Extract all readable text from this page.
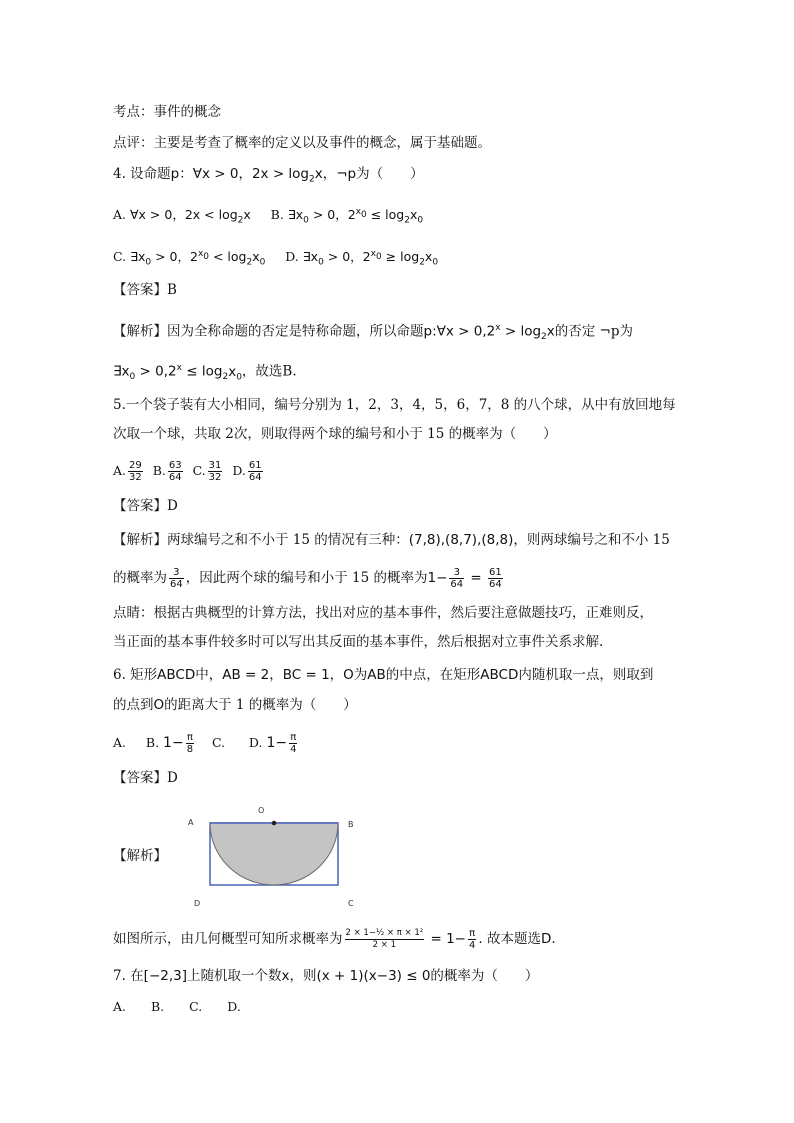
考点：事件的概念
点评：主要是考查了概率的定义以及事件的概念，属于基础题。
4. 设命题p：∀x > 0，$2x > \log_2x$，¬p为（　　）
A. ∀x > 0，$2x < \log_2x$ B. $\exists x_0 > 0$，$2^{x_0} \le \log_2x_0$
C. $\exists x_0 > 0$，$2^{x_0} < \log_2x_0$ D. $\exists x_0 > 0$，$2^{x_0} \ge \log_2x_0$
【答案】B
【解析】因为全称命题的否定是特称命题，所以命题p:∀x > $0,2^x > \log_2x$的否定 ¬p为
$\exists x_0 > 0,2^x \le \log_2x_0$，故选B.
5.一个袋子装有大小相同，编号分别为 1，2，3，4，5，6，7，8 的八个球，从中有放回地每
次取一个球，共取 2次，则取得两个球的编号和小于 15 的概率为（　　）
A. $\frac{29}{32} B$. $\frac{63}{64} C$. $\frac{31}{32} D$. $\frac{61}{64}$
【答案】D
【解析】两球编号之和不小于 15 的情况有三种：(7,8),(8,7),(8,8)，则两球编号之和不小 15
的概率为 $\frac{3}{64}$ ，因此两个球的编号和小于 15 的概率为$1- \frac{3}{64} = \frac{61}{64}$
点睛：根据古典概型的计算方法，找出对应的基本事件，然后要注意做题技巧，正难则反，
当正面的基本事件较多时可以写出其反面的基本事件，然后根据对立事件关系求解.
6. 矩形ABCD中，AB = 2，BC = 1，O为AB的中点，在矩形ABCD内随机取一点，则取到
的点到O的距离大于 1 的概率为（　　）
A. B. $1- \frac{\pi}{8} C$. D. $1- \frac{\pi}{4}$
【答案】D
【解析】
O
A	B
C
D
如图所示，由几何概型可知所求概率为 $\frac{\text{2 × 1−½ × π × 1²}}{2 \times 1} = 1- \frac{\pi}{4}$ . 故本题选D.
7. 在[−2,3]上随机取一个数x，则(x + 1)(x−3) ≤ 0的概率为（　　）
A.　　B.　　C.　　D.
